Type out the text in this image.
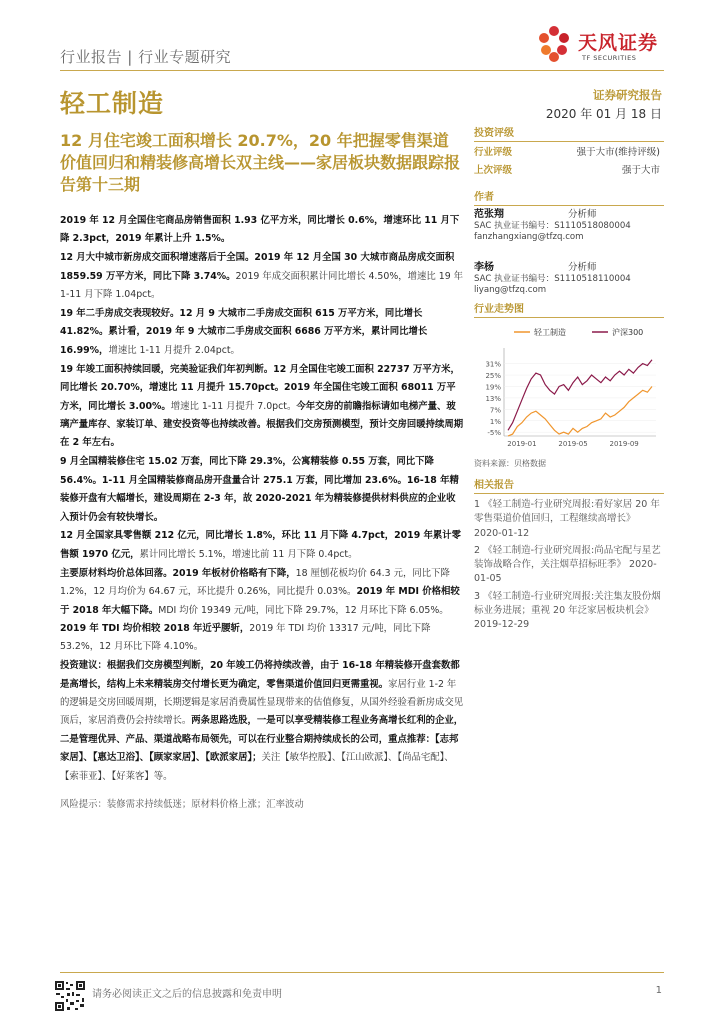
行业报告 | 行业专题研究
天风证券
TF SECURITIES
轻工制造	证券研究报告
2020 年 01 月 18 日
12 月住宅竣工面积增长 20.7%，20 年把握零售渠道价值回归和精装修高增长双主线——家居板块数据跟踪报告第十三期

2019 年 12 月全国住宅商品房销售面积 1.93 亿平方米，同比增长 0.6%，增速环比 11 月下降 2.3pct，2019 年累计上升 1.5%。

12 月大中城市新房成交面积增速落后于全国。2019 年 12 月全国 30 大城市商品房成交面积 1859.59 万平方米，同比下降 3.74%。2019 年成交面积累计同比增长 4.50%，增速比 19 年 1-11 月下降 1.04pct。

19 年二手房成交表现较好。12 月 9 大城市二手房成交面积 615 万平方米，同比增长 41.82%。累计看，2019 年 9 大城市二手房成交面积 6686 万平方米，累计同比增长 16.99%，增速比 1-11 月提升 2.04pct。

19 年竣工面积持续回暖，完美验证我们年初判断。12 月全国住宅竣工面积 22737 万平方米，同比增长 20.70%，增速比 11 月提升 15.70pct。2019 年全国住宅竣工面积 68011 万平方米，同比增长 3.00%。增速比 1-11 月提升 7.0pct。今年交房的前瞻指标请如电梯产量、玻璃产量库存、家装订单、建安投资等也持续改善。根据我们交房预测模型，预计交房回暖持续周期在 2 年左右。

9 月全国精装修住宅 15.02 万套，同比下降 29.3%，公寓精装修 0.55 万套，同比下降 56.4%。1-11 月全国精装修商品房开盘量合计 275.1 万套，同比增加 23.6%。16-18 年精装修开盘有大幅增长，建设周期在 2-3 年，故 2020-2021 年为精装修提供材料供应的企业收入预计仍会有较快增长。

12 月全国家具零售额 212 亿元，同比增长 1.8%，环比 11 月下降 4.7pct，2019 年累计零售额 1970 亿元，累计同比增长 5.1%，增速比前 11 月下降 0.4pct。

主要原材料均价总体回落。2019 年板材价格略有下降，18 厘刨花板均价 64.3 元，同比下降 1.2%，12 月均价为 64.67 元，环比提升 0.26%，同比提升 0.03%。2019 年 MDI 价格相较于 2018 年大幅下降。MDI 均价 19349 元/吨，同比下降 29.7%，12 月环比下降 6.05%。2019 年 TDI 均价相较 2018 年近乎腰斩，2019 年 TDI 均价 13317 元/吨，同比下降 53.2%，12 月环比下降 4.10%。

投资建议：根据我们交房模型判断，20 年竣工仍将持续改善，由于 16-18 年精装修开盘套数都是高增长，结构上未来精装房交付增长更为确定，零售渠道价值回归更需重视。家居行业 1-2 年的逻辑是交房回暖周期，长期逻辑是家居消费属性显现带来的估值修复，从国外经验看新房成交见顶后，家居消费仍会持续增长。两条思路选股，一是可以享受精装修工程业务高增长红利的企业，二是管理优异、产品、渠道战略布局领先，可以在行业整合期持续成长的公司，重点推荐：【志邦家居】、【惠达卫浴】、【顾家家居】、【欧派家居】；关注【敏华控股】、【江山欧派】、【尚品宅配】、【索菲亚】、【好莱客】等。

风险提示：装修需求持续低迷；原材料价格上涨；汇率波动

投资评级
行业评级	强于大市(维持评级)
上次评级	强于大市
作者
范张翔	分析师
SAC 执业证书编号：S1110518080004
fanzhangxiang@tfzq.com
李杨	分析师
SAC 执业证书编号：S1110518110004
liyang@tfzq.com
行业走势图
轻工制造	沪深300
31%
25%
19%
13%
7%
1%
-5%
2019-01	2019-05	2019-09
资料来源：贝格数据
相关报告
1 《轻工制造-行业研究周报:看好家居 20 年零售渠道价值回归，工程继续高增长》 2020-01-12
2 《轻工制造-行业研究周报:尚品宅配与星艺装饰战略合作，关注烟草招标旺季》 2020-01-05
3 《轻工制造-行业研究周报:关注集友股份烟标业务进展；重视 20 年泛家居板块机会》 2019-12-29
请务必阅读正文之后的信息披露和免责申明	1
